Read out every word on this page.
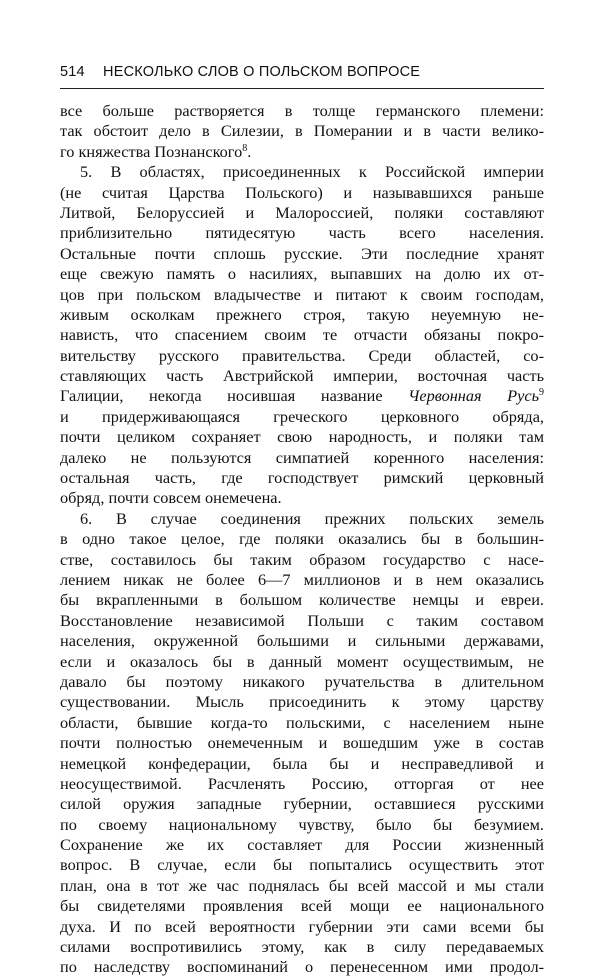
514 НЕСКОЛЬКО СЛОВ О ПОЛЬСКОМ ВОПРОСЕ
все больше растворяется в толще германского племени:
так обстоит дело в Силезии, в Померании и в части велико-
го княжества Познанского$^8$.
5. В областях, присоединенных к Российской империи
(не считая Царства Польского) и называвшихся раньше
Литвой, Белоруссией и Малороссией, поляки составляют
приблизительно пятидесятую часть всего населения.
Остальные почти сплошь русские. Эти последние хранят
еще свежую память о насилиях, выпавших на долю их от-
цов при польском владычестве и питают к своим господам,
живым осколкам прежнего строя, такую неуемную не-
нависть, что спасением своим те отчасти обязаны покро-
вительству русского правительства. Среди областей, со-
ставляющих часть Австрийской империи, восточная часть
Галиции, некогда носившая название Червонная Русь$^9$
и придерживающаяся греческого церковного обряда,
почти целиком сохраняет свою народность, и поляки там
далеко не пользуются симпатией коренного населения:
остальная часть, где господствует римский церковный
обряд, почти совсем онемечена.
6. В случае соединения прежних польских земель
в одно такое целое, где поляки оказались бы в большин-
стве, составилось бы таким образом государство с насе-
лением никак не более 6—7 миллионов и в нем оказались
бы вкрапленными в большом количестве немцы и евреи.
Восстановление независимой Польши с таким составом
населения, окруженной большими и сильными державами,
если и оказалось бы в данный момент осуществимым, не
давало бы поэтому никакого ручательства в длительном
существовании. Мысль присоединить к этому царству
области, бывшие когда-то польскими, с населением ныне
почти полностью онемеченным и вошедшим уже в состав
немецкой конфедерации, была бы и несправедливой и
неосуществимой. Расчленять Россию, отторгая от нее
силой оружия западные губернии, оставшиеся русскими
по своему национальному чувству, было бы безумием.
Сохранение же их составляет для России жизненный
вопрос. В случае, если бы попытались осуществить этот
план, она в тот же час поднялась бы всей массой и мы стали
бы свидетелями проявления всей мощи ее национального
духа. И по всей вероятности губернии эти сами всеми бы
силами воспротивились этому, как в силу передаваемых
по наследству воспоминаний о перенесенном ими продол-
